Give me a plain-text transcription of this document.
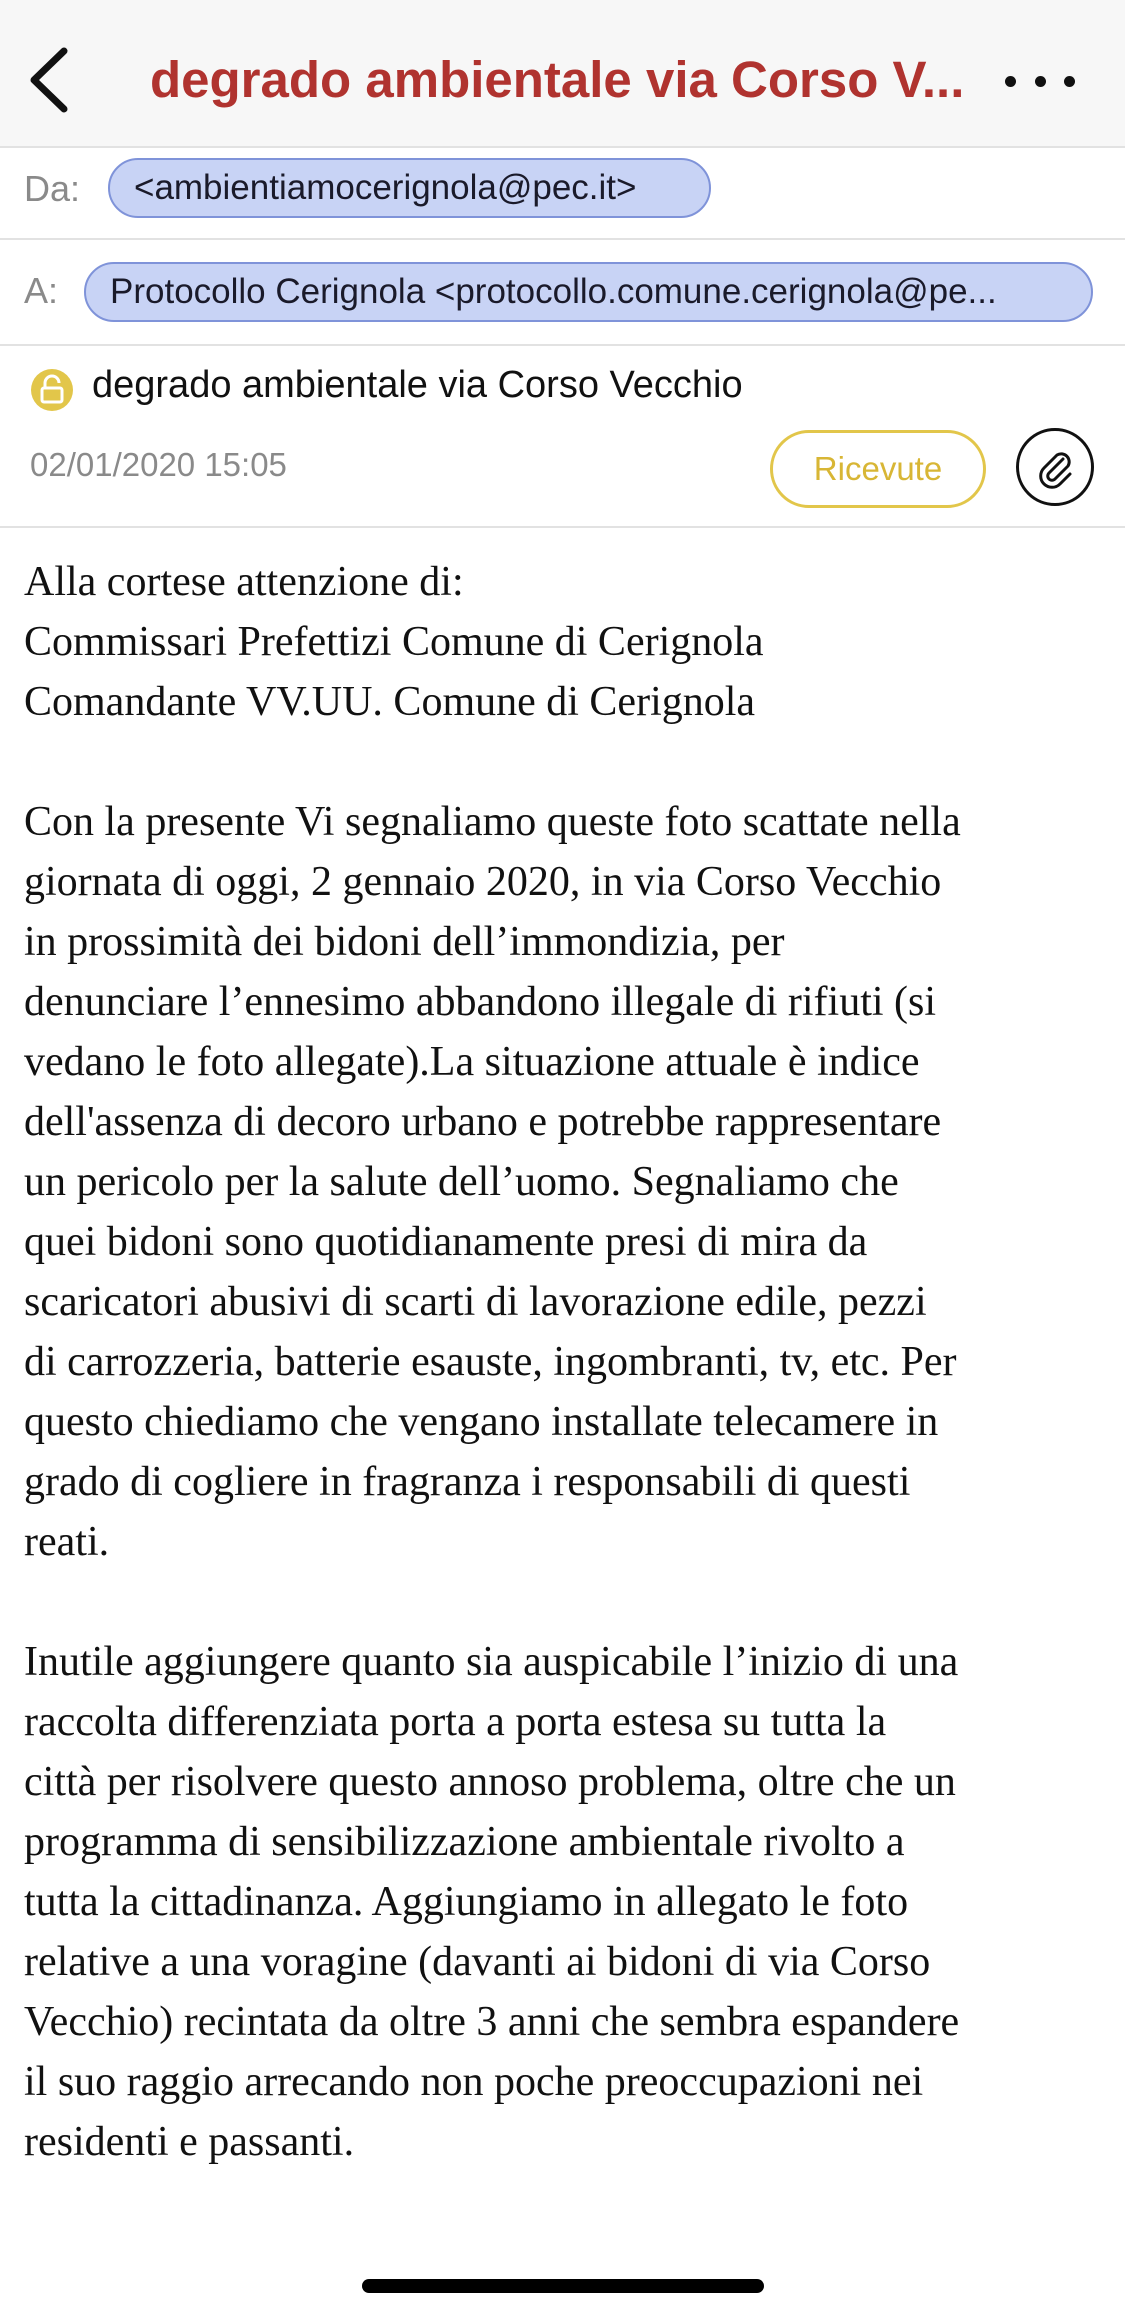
degrado ambientale via Corso V...
Da:	<ambientiamocerignola@pec.it>
A:	Protocollo Cerignola <protocollo.comune.cerignola@pe...
degrado ambientale via Corso Vecchio
02/01/2020 15:05	Ricevute
Alla cortese attenzione di:
Commissari Prefettizi Comune di Cerignola
Comandante VV.UU. Comune di Cerignola
Con la presente Vi segnaliamo queste foto scattate nella
giornata di oggi, 2 gennaio 2020, in via Corso Vecchio
in prossimità dei bidoni dell’immondizia, per
denunciare l’ennesimo abbandono illegale di rifiuti (si
vedano le foto allegate).La situazione attuale è indice
dell'assenza di decoro urbano e potrebbe rappresentare
un pericolo per la salute dell’uomo. Segnaliamo che
quei bidoni sono quotidianamente presi di mira da
scaricatori abusivi di scarti di lavorazione edile, pezzi
di carrozzeria, batterie esauste, ingombranti, tv, etc. Per
questo chiediamo che vengano installate telecamere in
grado di cogliere in fragranza i responsabili di questi
reati.
Inutile aggiungere quanto sia auspicabile l’inizio di una
raccolta differenziata porta a porta estesa su tutta la
città per risolvere questo annoso problema, oltre che un
programma di sensibilizzazione ambientale rivolto a
tutta la cittadinanza. Aggiungiamo in allegato le foto
relative a una voragine (davanti ai bidoni di via Corso
Vecchio) recintata da oltre 3 anni che sembra espandere
il suo raggio arrecando non poche preoccupazioni nei
residenti e passanti.
